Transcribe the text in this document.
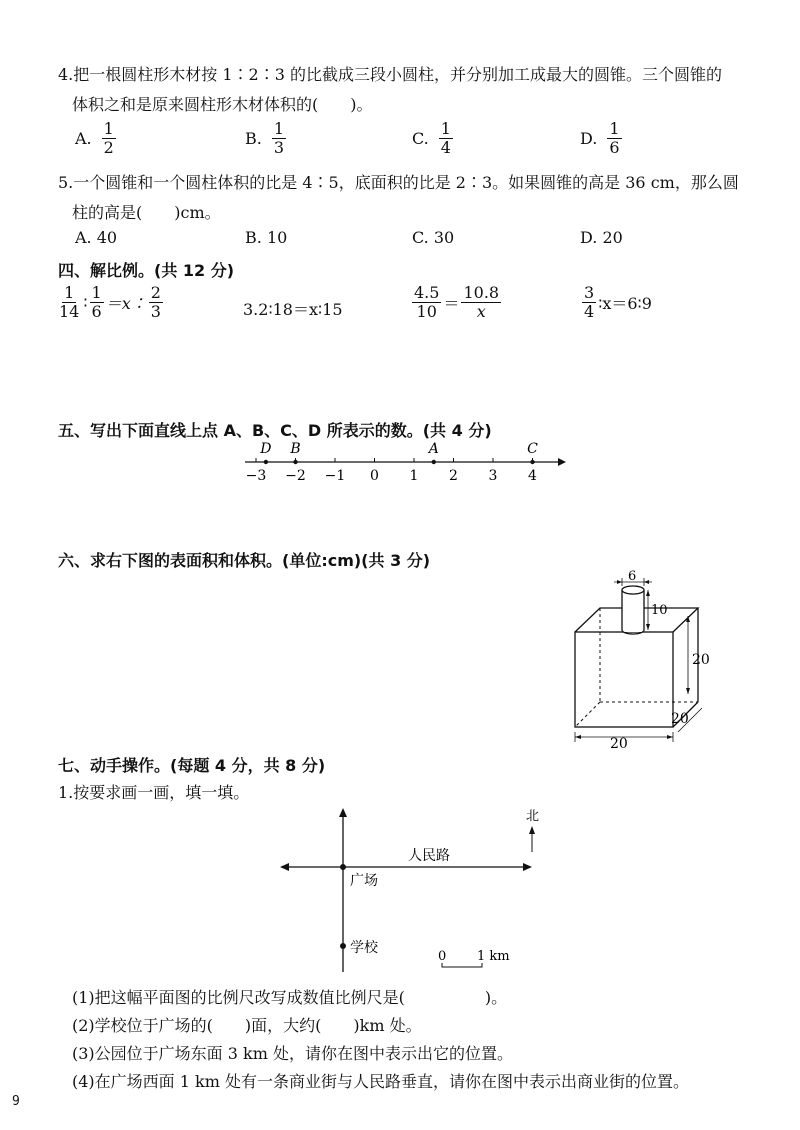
4.把一根圆柱形木材按 1∶2∶3 的比截成三段小圆柱，并分别加工成最大的圆锥。三个圆锥的
体积之和是原来圆柱形木材体积的(　　)。
A. $\frac{1}{2}$	B. $\frac{1}{3}$	C. $\frac{1}{4}$	D. $\frac{1}{6}$
5.一个圆锥和一个圆柱体积的比是 4∶5，底面积的比是 2∶3。如果圆锥的高是 36 cm，那么圆
柱的高是(　　)cm。
A. 40	B. 10	C. 30	D. 20
四、解比例。(共 12 分)
$\frac{1}{14}$ ∶ $\frac{1}{6}$ ＝x∶ $\frac{2}{3}$	3.2∶18＝x∶15	$\frac{4.5}{10} = \frac{10.8}{x}$	$\frac{3}{4}$ ∶x＝6∶9
五、写出下面直线上点 A、B、C、D 所表示的数。(共 4 分)
−3 −2 −1 0 1 2 3 4
D B	A	C
六、求右下图的表面积和体积。(单位:cm)(共 3 分)
6
10
20
20
20
七、动手操作。(每题 4 分，共 8 分)
1.按要求画一画，填一填。
广场
人民路
学校
北
0 1 km
(1)把这幅平面图的比例尺改写成数值比例尺是(　　　　　)。
(2)学校位于广场的(　　)面，大约(　　)km 处。
(3)公园位于广场东面 3 km 处，请你在图中表示出它的位置。
(4)在广场西面 1 km 处有一条商业街与人民路垂直，请你在图中表示出商业街的位置。
9
